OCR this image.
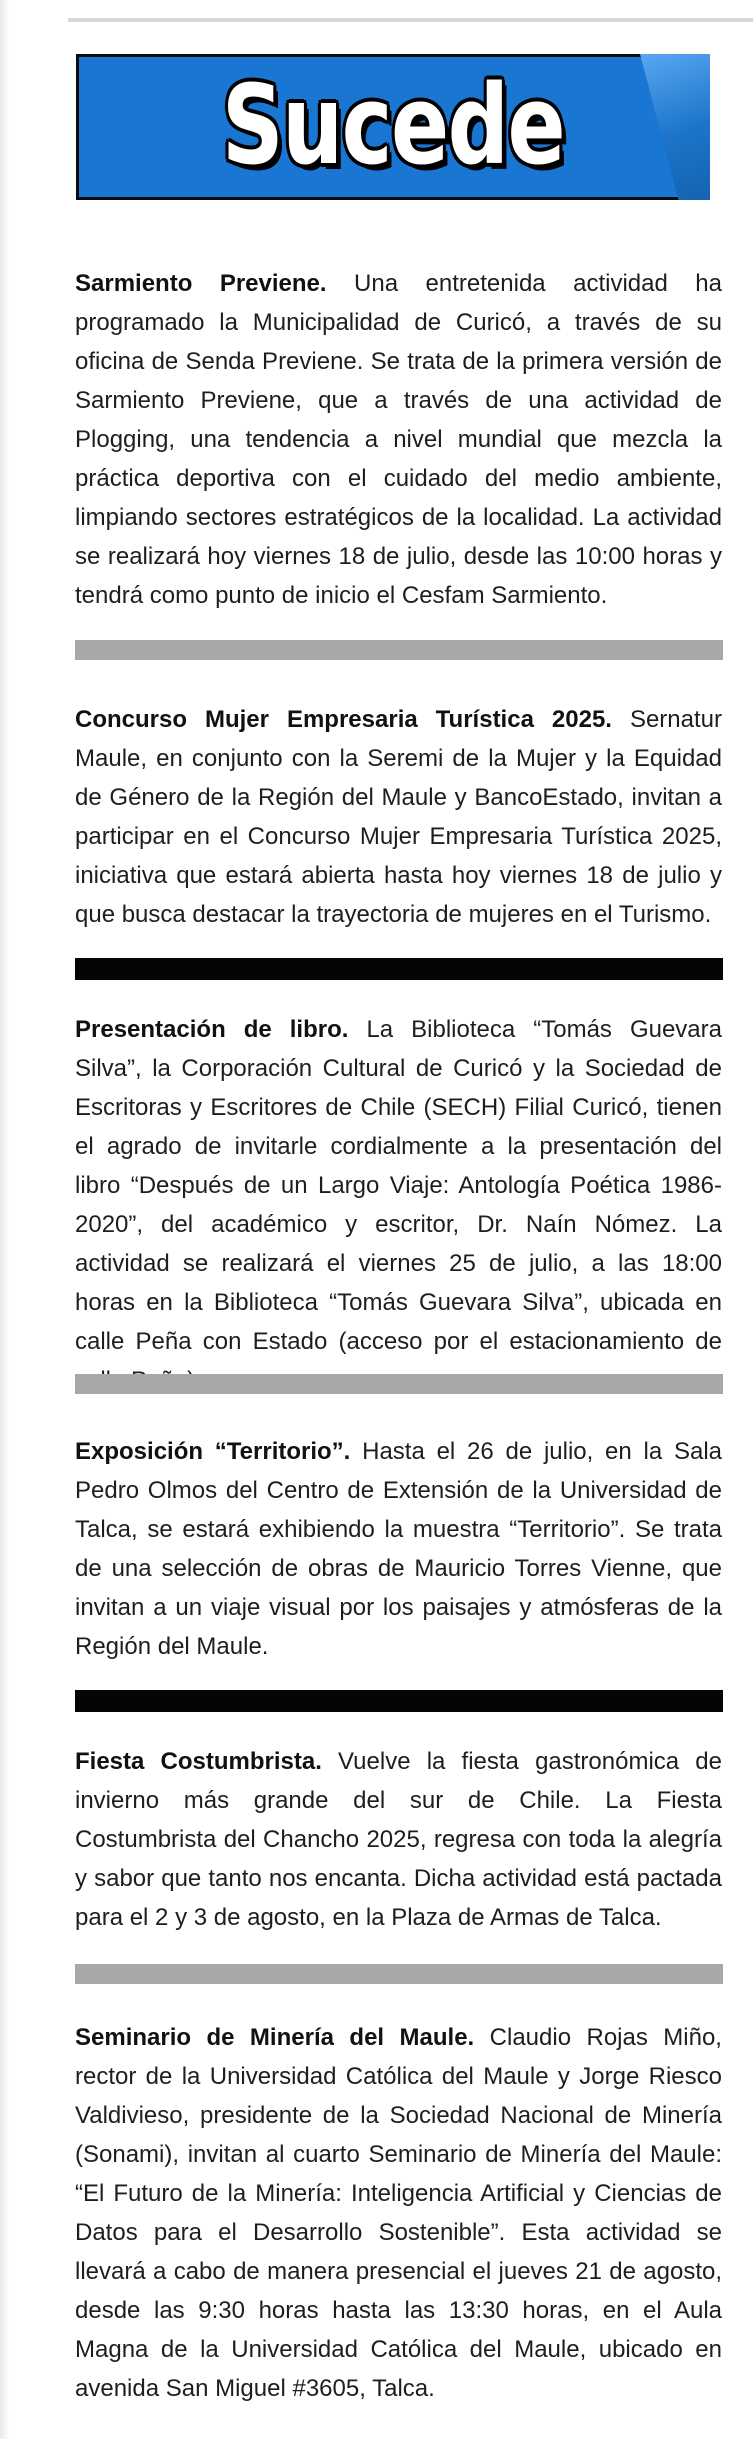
Sucede

Sarmiento Previene. Una entretenida actividad ha programado la Municipalidad de Curicó, a través de su oficina de Senda Previene. Se trata de la primera versión de Sarmiento Previene, que a través de una actividad de Plogging, una tendencia a nivel mundial que mezcla la práctica deportiva con el cuidado del medio ambiente, limpiando sectores estratégicos de la localidad. La actividad se realizará hoy viernes 18 de julio, desde las 10:00 horas y tendrá como punto de inicio el Cesfam Sarmiento.

Concurso Mujer Empresaria Turística 2025. Sernatur Maule, en conjunto con la Seremi de la Mujer y la Equidad de Género de la Región del Maule y BancoEstado, invitan a participar en el Concurso Mujer Empresaria Turística 2025, iniciativa que estará abierta hasta hoy viernes 18 de julio y que busca destacar la trayectoria de mujeres en el Turismo.

Presentación de libro. La Biblioteca “Tomás Guevara Silva”, la Corporación Cultural de Curicó y la Sociedad de Escritoras y Escritores de Chile (SECH) Filial Curicó, tienen el agrado de invitarle cordialmente a la presentación del libro “Después de un Largo Viaje: Antología Poética 1986-2020”, del académico y escritor, Dr. Naín Nómez. La actividad se realizará el viernes 25 de julio, a las 18:00 horas en la Biblioteca “Tomás Guevara Silva”, ubicada en calle Peña con Estado (acceso por el estacionamiento de

Exposición “Territorio”. Hasta el 26 de julio, en la Sala Pedro Olmos del Centro de Extensión de la Universidad de Talca, se estará exhibiendo la muestra “Territorio”. Se trata de una selección de obras de Mauricio Torres Vienne, que invitan a un viaje visual por los paisajes y atmósferas de la Región del Maule.

Fiesta Costumbrista. Vuelve la fiesta gastronómica de invierno más grande del sur de Chile. La Fiesta Costumbrista del Chancho 2025, regresa con toda la alegría y sabor que tanto nos encanta. Dicha actividad está pactada para el 2 y 3 de agosto, en la Plaza de Armas de Talca.

Seminario de Minería del Maule. Claudio Rojas Miño, rector de la Universidad Católica del Maule y Jorge Riesco Valdivieso, presidente de la Sociedad Nacional de Minería (Sonami), invitan al cuarto Seminario de Minería del Maule: “El Futuro de la Minería: Inteligencia Artificial y Ciencias de Datos para el Desarrollo Sostenible”. Esta actividad se llevará a cabo de manera presencial el jueves 21 de agosto, desde las 9:30 horas hasta las 13:30 horas, en el Aula Magna de la Universidad Católica del Maule, ubicado en avenida San Miguel #3605, Talca.
